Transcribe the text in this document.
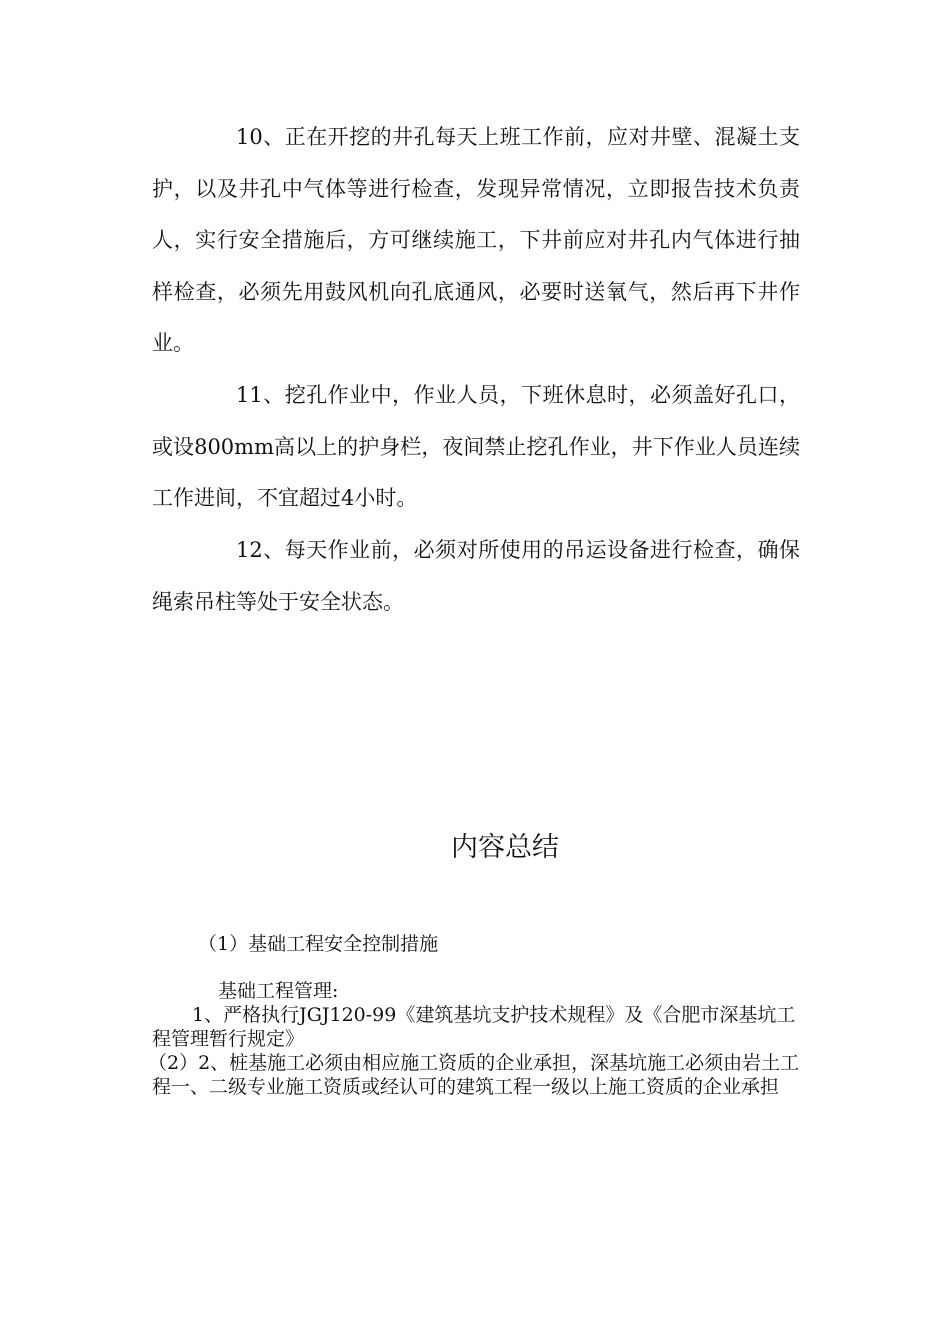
10、正在开挖的井孔每天上班工作前，应对井壁、混凝土支护，以及井孔中气体等进行检查，发现异常情况，立即报告技术负责人，实行安全措施后，方可继续施工，下井前应对井孔内气体进行抽样检查，必须先用鼓风机向孔底通风，必要时送氧气，然后再下井作业。

11、挖孔作业中，作业人员，下班休息时，必须盖好孔口，或设800mm高以上的护身栏，夜间禁止挖孔作业，井下作业人员连续工作进间，不宜超过4小时。

12、每天作业前，必须对所使用的吊运设备进行检查，确保绳索吊柱等处于安全状态。

内容总结

（1）基础工程安全控制措施

基础工程管理:

1、严格执行JGJ120-99《建筑基坑支护技术规程》及《合肥市深基坑工程管理暂行规定》

（2）2、桩基施工必须由相应施工资质的企业承担，深基坑施工必须由岩土工程一、二级专业施工资质或经认可的建筑工程一级以上施工资质的企业承担
